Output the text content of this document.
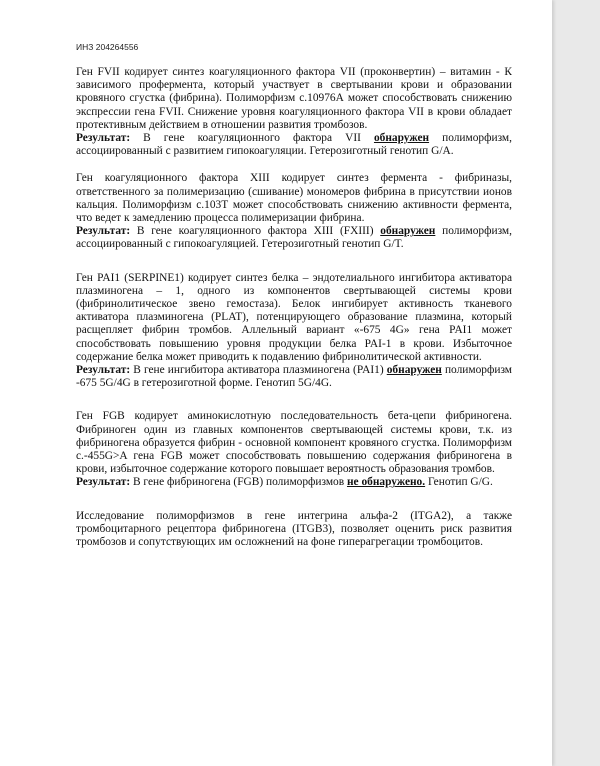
ИНЗ 204264556

Ген FVII кодирует синтез коагуляционного фактора VII (проконвертин) – витамин - К зависимого профермента, который участвует в свертывании крови и образовании кровяного сгустка (фибрина). Полиморфизм с.10976А может способствовать снижению экспрессии гена FVII. Снижение уровня коагуляционного фактора VII в крови обладает протективным действием в отношении развития тромбозов.

Результат: В гене коагуляционного фактора VII обнаружен полиморфизм, ассоциированный с развитием гипокоагуляции. Гетерозиготный генотип G/A.

Ген коагуляционного фактора XIII кодирует синтез фермента - фибриназы, ответственного за полимеризацию (сшивание) мономеров фибрина в присутствии ионов кальция. Полиморфизм с.103Т может способствовать снижению активности фермента, что ведет к замедлению процесса полимеризации фибрина.

Результат: В гене коагуляционного фактора XIII (FXIII) обнаружен полиморфизм, ассоциированный с гипокоагуляцией. Гетерозиготный генотип G/T.

Ген PAI1 (SERPINE1) кодирует синтез белка – эндотелиального ингибитора активатора плазминогена – 1, одного из компонентов свертывающей системы крови (фибринолитическое звено гемостаза). Белок ингибирует активность тканевого активатора плазминогена (PLAT), потенцирующего образование плазмина, который расщепляет фибрин тромбов. Аллельный вариант «-675 4G» гена PAI1 может способствовать повышению уровня продукции белка PAI-1 в крови. Избыточное содержание белка может приводить к подавлению фибринолитической активности.

Результат: В гене ингибитора активатора плазминогена (PAI1) обнаружен полиморфизм -675 5G/4G в гетерозиготной форме. Генотип 5G/4G.

Ген FGB кодирует аминокислотную последовательность бета-цепи фибриногена. Фибриноген один из главных компонентов свертывающей системы крови, т.к. из фибриногена образуется фибрин - основной компонент кровяного сгустка. Полиморфизм с.-455G>A гена FGB может способствовать повышению содержания фибриногена в крови, избыточное содержание которого повышает вероятность образования тромбов.

Результат: В гене фибриногена (FGB) полиморфизмов не обнаружено. Генотип G/G.

Исследование полиморфизмов в гене интегрина альфа-2 (ITGA2), а также тромбоцитарного рецептора фибриногена (ITGB3), позволяет оценить риск развития тромбозов и сопутствующих им осложнений на фоне гиперагрегации тромбоцитов.
